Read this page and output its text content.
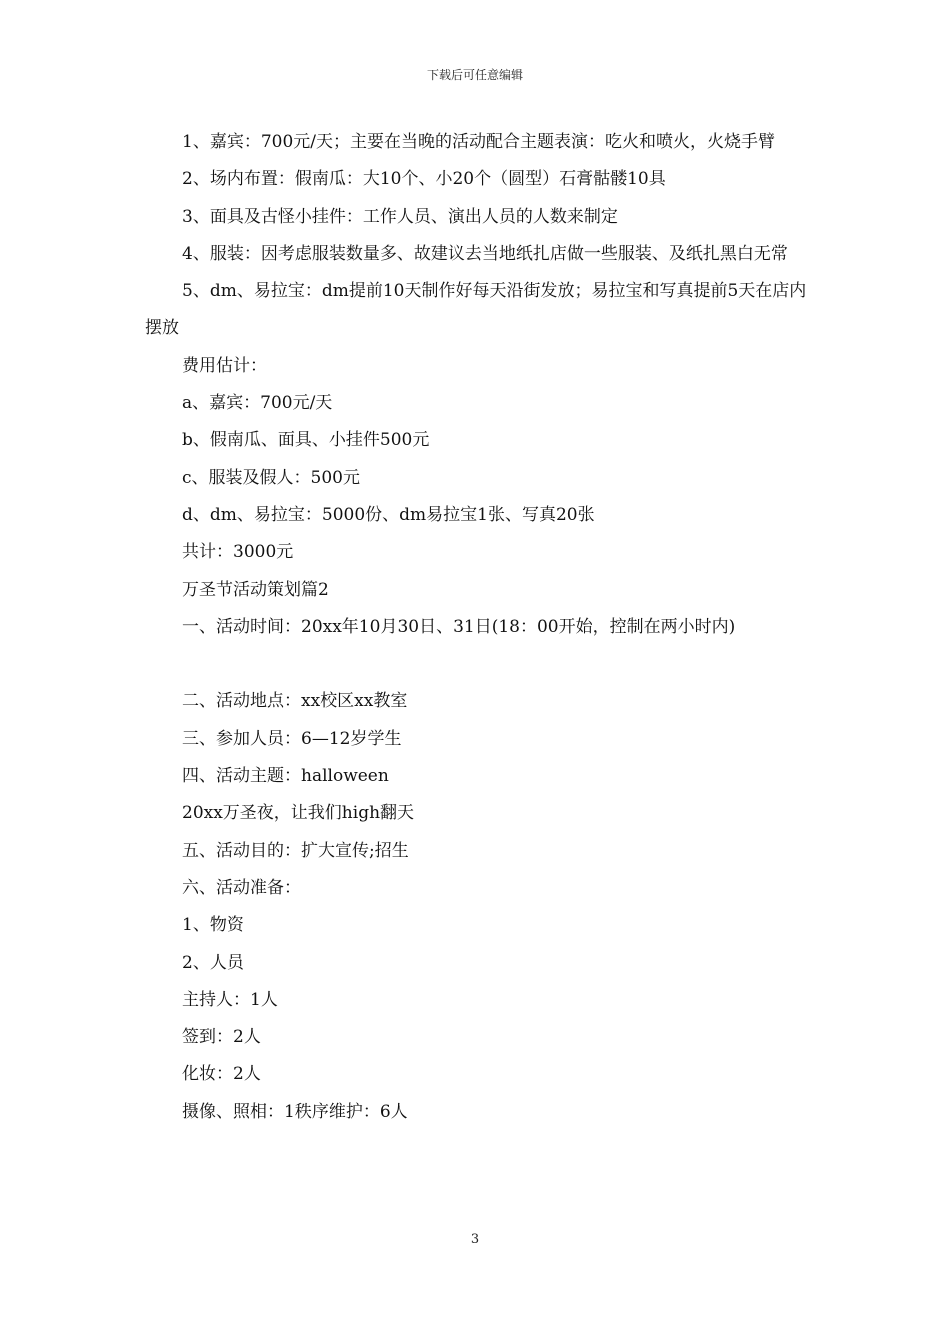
下载后可任意编辑

1、嘉宾：700元/天；主要在当晚的活动配合主题表演：吃火和喷火，火烧手臂

2、场内布置：假南瓜：大10个、小20个（圆型）石膏骷髅10具

3、面具及古怪小挂件：工作人员、演出人员的人数来制定

4、服装：因考虑服装数量多、故建议去当地纸扎店做一些服装、及纸扎黑白无常

5、dm、易拉宝：dm提前10天制作好每天沿街发放；易拉宝和写真提前5天在店内摆放

费用估计：

a、嘉宾：700元/天

b、假南瓜、面具、小挂件500元

c、服装及假人：500元

d、dm、易拉宝：5000份、dm易拉宝1张、写真20张

共计：3000元

万圣节活动策划篇2

一、活动时间：20xx年10月30日、31日(18：00开始，控制在两小时内)

二、活动地点：xx校区xx教室

三、参加人员：6—12岁学生

四、活动主题：halloween

20xx万圣夜，让我们high翻天

五、活动目的：扩大宣传;招生

六、活动准备：

1、物资

2、人员

主持人：1人

签到：2人

化妆：2人

摄像、照相：1秩序维护：6人

3
